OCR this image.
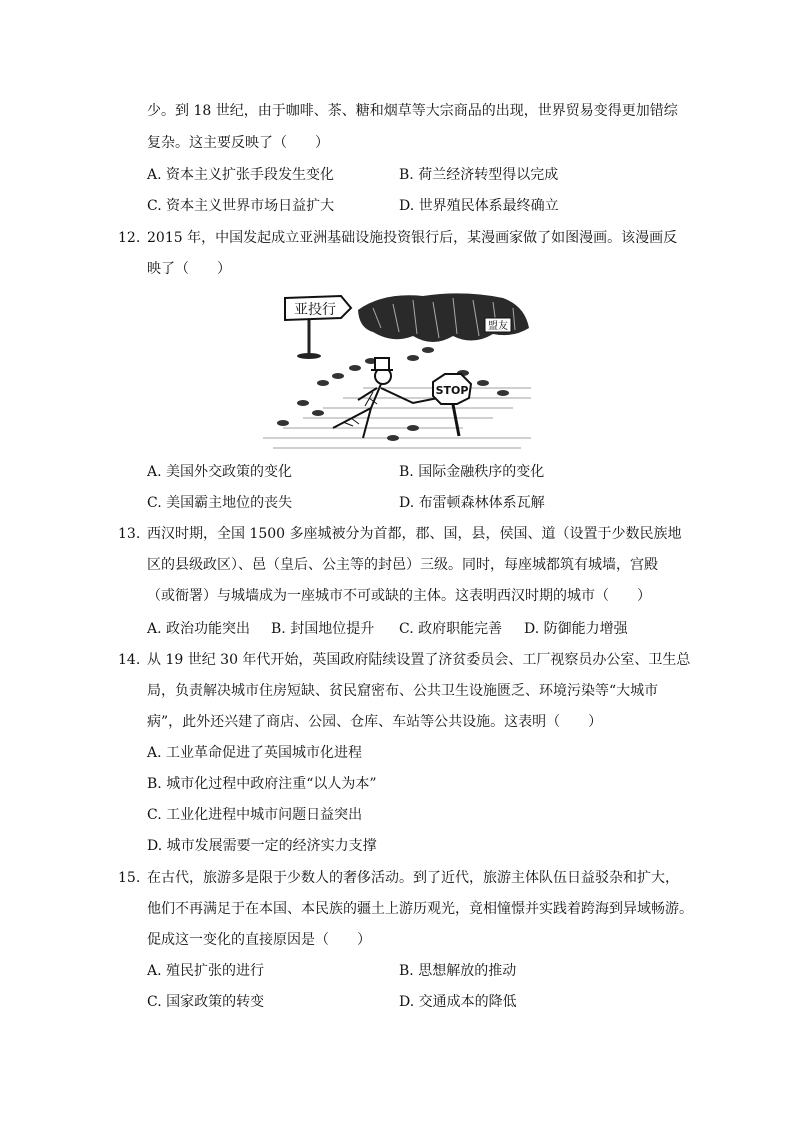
少。到 18 世纪，由于咖啡、茶、糖和烟草等大宗商品的出现，世界贸易变得更加错综
复杂。这主要反映了（　　）
A. 资本主义扩张手段发生变化	B. 荷兰经济转型得以完成
C. 资本主义世界市场日益扩大	D. 世界殖民体系最终确立
12. 2015 年，中国发起成立亚洲基础设施投资银行后，某漫画家做了如图漫画。该漫画反
映了（　　）
亚投行
盟友
STOP
A. 美国外交政策的变化	B. 国际金融秩序的变化
C. 美国霸主地位的丧失	D. 布雷顿森林体系瓦解
13. 西汉时期，全国 1500 多座城被分为首都，郡、国，县，侯国、道（设置于少数民族地
区的县级政区）、邑（皇后、公主等的封邑）三级。同时，每座城都筑有城墙，宫殿
（或衙署）与城墙成为一座城市不可或缺的主体。这表明西汉时期的城市（　　）
A. 政治功能突出 B. 封国地位提升 C. 政府职能完善 D. 防御能力增强
14. 从 19 世纪 30 年代开始，英国政府陆续设置了济贫委员会、工厂视察员办公室、卫生总
局，负责解决城市住房短缺、贫民窟密布、公共卫生设施匮乏、环境污染等“大城市
病”，此外还兴建了商店、公园、仓库、车站等公共设施。这表明（　　）
A. 工业革命促进了英国城市化进程
B. 城市化过程中政府注重“以人为本”
C. 工业化进程中城市问题日益突出
D. 城市发展需要一定的经济实力支撑
15. 在古代，旅游多是限于少数人的奢侈活动。到了近代，旅游主体队伍日益驳杂和扩大，
他们不再满足于在本国、本民族的疆土上游历观光，竟相憧憬并实践着跨海到异域畅游。
促成这一变化的直接原因是（　　）
A. 殖民扩张的进行	B. 思想解放的推动
C. 国家政策的转变	D. 交通成本的降低
